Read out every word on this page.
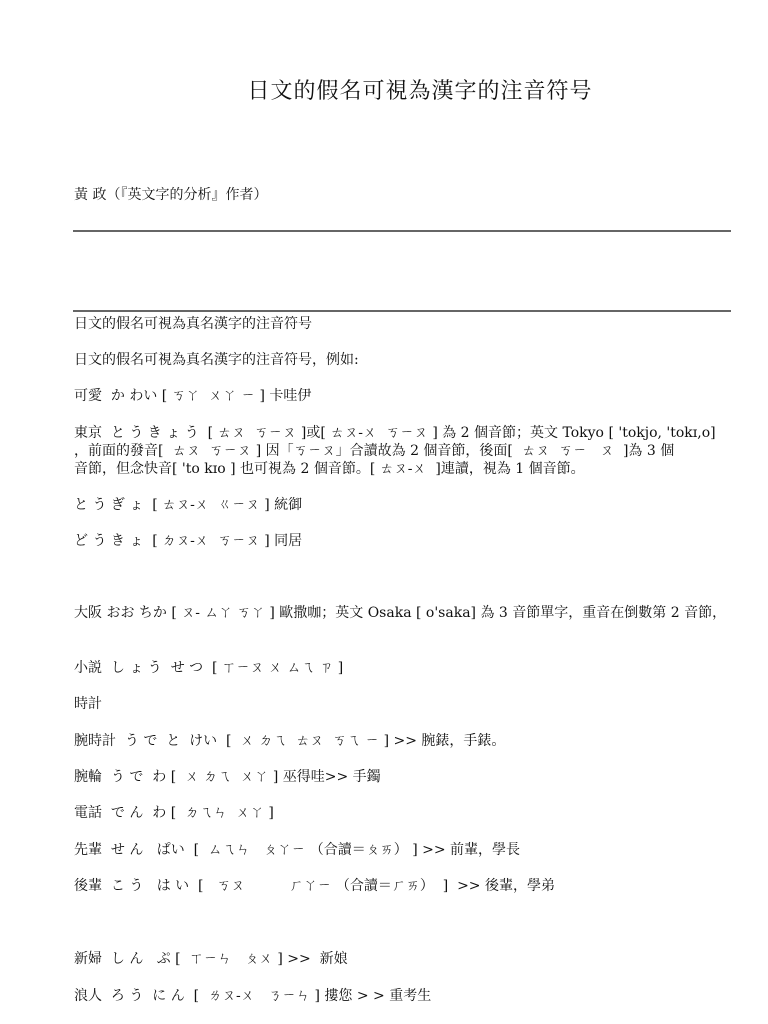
日文的假名可視為漢字的注音符号
黃 政（『英文字的分析』作者）
日文的假名可視為真名漢字的注音符号
日文的假名可視為真名漢字的注音符号，例如:
可愛  か わい [ ㄎㄚ  ㄨㄚ ㄧ ] 卡哇伊
東京  と う き ょ う  [ ㄊㄡ  ㄎㄧㄡ ]或[ ㄊㄡ-ㄨ  ㄎㄧㄡ ] 為 2 個音節；英文 Tokyo [ 'tokjo, 'tokɪ,o]
，前面的發音[  ㄊㄡ  ㄎㄧㄡ ] 因「ㄎㄧㄡ」合讀故為 2 個音節，後面[  ㄊㄡ  ㄎㄧ   ㄡ  ]為 3 個
音節，但念快音[ 'to kɪo ] 也可視為 2 個音節。[ ㄊㄡ-ㄨ  ]連讀，視為 1 個音節。
と う ぎ ょ  [ ㄊㄡ-ㄨ  ㄍㄧㄡ ] 統御
ど う き ょ  [ ㄉㄡ-ㄨ  ㄎㄧㄡ ] 同居
大阪 おお ちか [ ㄡ- ㄙㄚ ㄎㄚ ] 歐撒咖；英文 Osaka [ o'saka] 為 3 音節單字，重音在倒數第 2 音節，
小説  し ょ う  せ つ  [ ㄒㄧㄡ ㄨ ㄙㄟ ㄗ ]
時計
腕時計  う で  と  けい  [  ㄨ ㄉㄟ  ㄊㄡ  ㄎㄟ ㄧ ] >> 腕錶，手錶。
腕輪  う で  わ [  ㄨ ㄉㄟ  ㄨㄚ ] 巫得哇>> 手鐲
電話  で ん  わ [  ㄉㄟㄣ  ㄨㄚ ]
先輩  せ ん   ぱい  [  ㄙㄟㄣ   ㄆㄚㄧ （合讀＝ㄆㄞ） ] >> 前輩，學長
後輩  こ う   は い  [   ㄎㄡ          ㄏㄚㄧ （合讀＝ㄏㄞ）  ]  >> 後輩，學弟
新婦  し ん   ぷ [  ㄒㄧㄣ   ㄆㄨ ] >>  新娘
浪人  ろ う  に ん  [  ㄌㄡ-ㄨ   ㄋㄧㄣ ] 摟您 > > 重考生
